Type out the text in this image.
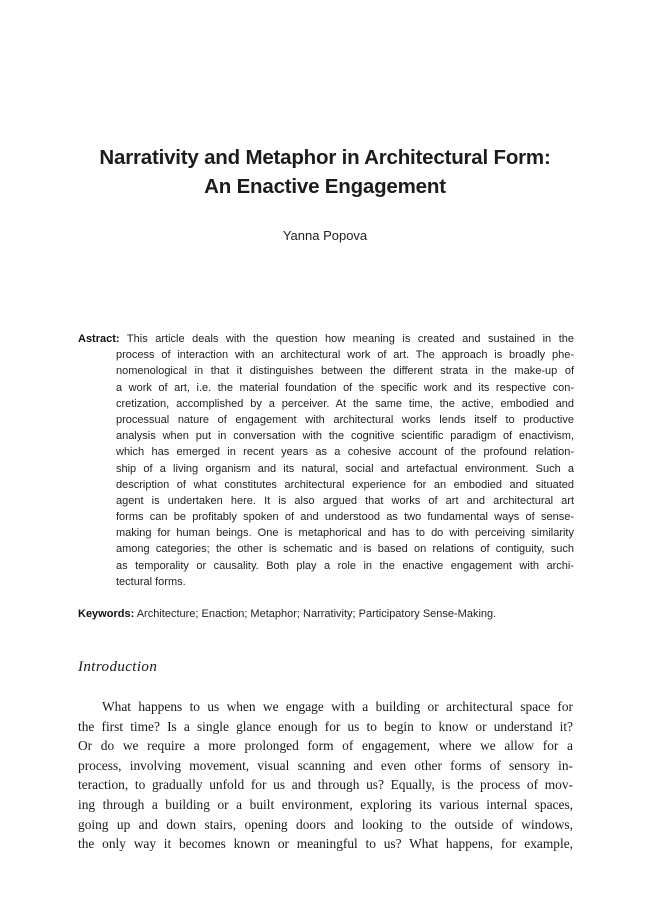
Narrativity and Metaphor in Architectural Form:
An Enactive Engagement
Yanna Popova
Astract: This article deals with the question how meaning is created and sustained in the
process of interaction with an architectural work of art. The approach is broadly phe-
nomenological in that it distinguishes between the different strata in the make-up of
a work of art, i.e. the material foundation of the specific work and its respective con-
cretization, accomplished by a perceiver. At the same time, the active, embodied and
processual nature of engagement with architectural works lends itself to productive
analysis when put in conversation with the cognitive scientific paradigm of enactivism,
which has emerged in recent years as a cohesive account of the profound relation-
ship of a living organism and its natural, social and artefactual environment. Such a
description of what constitutes architectural experience for an embodied and situated
agent is undertaken here. It is also argued that works of art and architectural art
forms can be profitably spoken of and understood as two fundamental ways of sense-
making for human beings. One is metaphorical and has to do with perceiving similarity
among categories; the other is schematic and is based on relations of contiguity, such
as temporality or causality. Both play a role in the enactive engagement with archi-
tectural forms.
Keywords: Architecture; Enaction; Metaphor; Narrativity; Participatory Sense-Making.
Introduction
What happens to us when we engage with a building or architectural space for
the first time? Is a single glance enough for us to begin to know or understand it?
Or do we require a more prolonged form of engagement, where we allow for a
process, involving movement, visual scanning and even other forms of sensory in-
teraction, to gradually unfold for us and through us? Equally, is the process of mov-
ing through a building or a built environment, exploring its various internal spaces,
going up and down stairs, opening doors and looking to the outside of windows,
the only way it becomes known or meaningful to us? What happens, for example,
